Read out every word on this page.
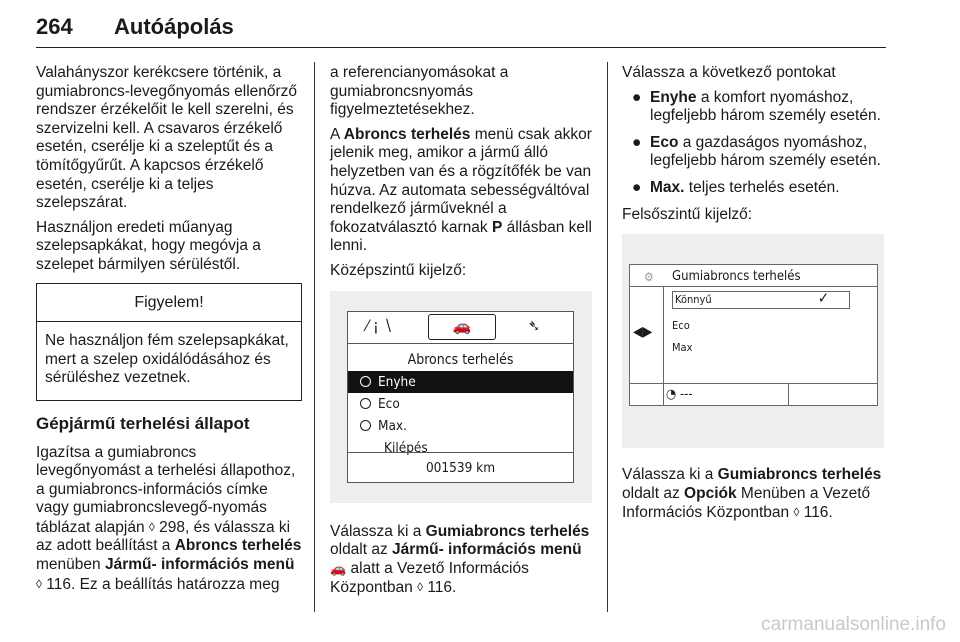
264 Autóápolás

Valahányszor kerékcsere történik, a gumiabroncs-levegőnyomás ellenőrző rendszer érzékelőit le kell szerelni, és szervizelni kell. A csavaros érzékelő esetén, cserélje ki a szeleptűt és a tömítőgyűrűt. A kapcsos érzékelő esetén, cserélje ki a teljes szelepszárat.

Használjon eredeti műanyag szelepsapkákat, hogy megóvja a szelepet bármilyen sérüléstől.

Figyelem!
Ne használjon fém szelepsapkákat, mert a szelep oxidálódásához és sérüléshez vezetnek.
Gépjármű terhelési állapot

Igazítsa a gumiabroncs levegőnyomást a terhelési állapothoz, a gumiabroncs-információs címke vagy gumiabroncslevegő-nyomás táblázat alapján ◊ 298, és válassza ki az adott beállítást a Abroncs terhelés menüben Jármű- információs menü ◊ 116. Ez a beállítás határozza meg

a referencianyomásokat a gumiabroncsnyomás figyelmeztetésekhez.

A Abroncs terhelés menü csak akkor jelenik meg, amikor a jármű álló helyzetben van és a rögzítőfék be van húzva. Az automata sebességváltóval rendelkező járműveknél a fokozatválasztó karnak P állásban kell lenni.

Középszintű kijelző:

⁄ ¡ ∖	🚗	➴
Abroncs terhelés
Enyhe
Eco
Max.
Kilépés
001539 km

Válassza ki a Gumiabroncs terhelés oldalt az Jármű- információs menü 🚗 alatt a Vezető Információs Központban ◊ 116.

Válassza a következő pontokat

● Enyhe a komfort nyomáshoz, legfeljebb három személy esetén.
● Eco a gazdaságos nyomáshoz, legfeljebb három személy esetén.
● Max. teljes terhelés esetén.

Felsőszintű kijelző:

⚙ Gumiabroncs terhelés
◀▶
Könnyű	✓
Eco
Max
◔ ---

Válassza ki a Gumiabroncs terhelés oldalt az Opciók Menüben a Vezető Információs Központban ◊ 116.

carmanualsonline.info
